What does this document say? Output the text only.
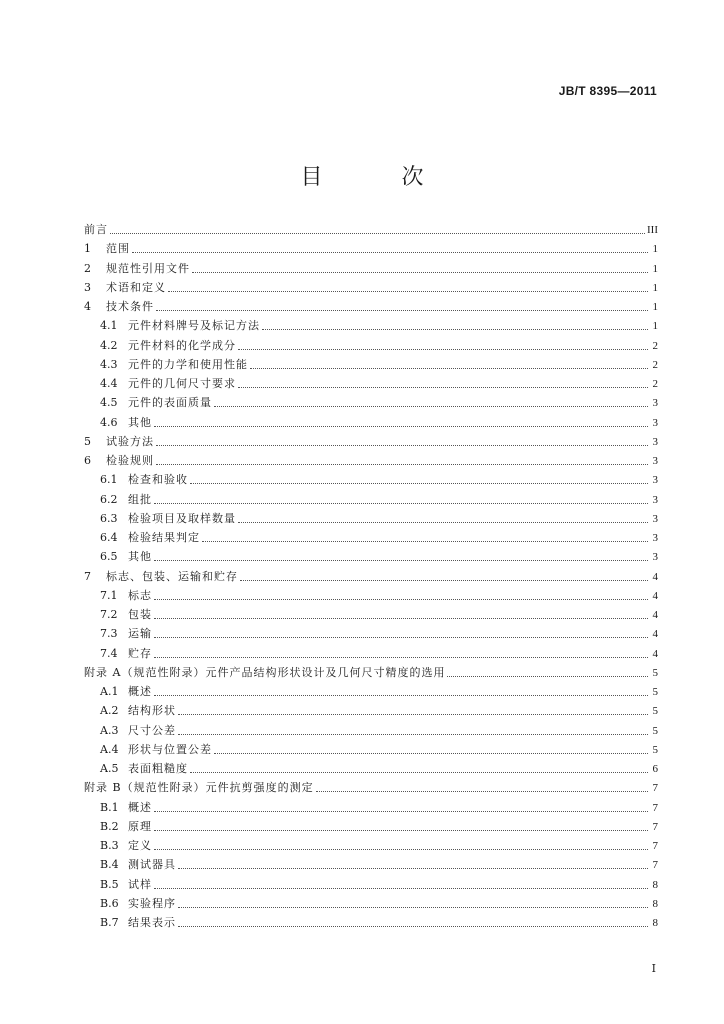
JB/T 8395—2011
目 次
前言	III
1	范围	1
2	规范性引用文件	1
3	术语和定义	1
4	技术条件	1
4.1 元件材料牌号及标记方法	1
4.2 元件材料的化学成分	2
4.3 元件的力学和使用性能	2
4.4 元件的几何尺寸要求	2
4.5 元件的表面质量	3
4.6 其他	3
5	试验方法	3
6	检验规则	3
6.1 检查和验收	3
6.2 组批	3
6.3 检验项目及取样数量	3
6.4 检验结果判定	3
6.5 其他	3
7	标志、包装、运输和贮存	4
7.1 标志	4
7.2 包装	4
7.3 运输	4
7.4 贮存	4
附录 A（规范性附录）元件产品结构形状设计及几何尺寸精度的选用	5
A.1 概述	5
A.2 结构形状	5
A.3 尺寸公差	5
A.4 形状与位置公差	5
A.5 表面粗糙度	6
附录 B（规范性附录）元件抗剪强度的测定	7
B.1 概述	7
B.2 原理	7
B.3 定义	7
B.4 测试器具	7
B.5 试样	8
B.6 实验程序	8
B.7 结果表示	8
I
